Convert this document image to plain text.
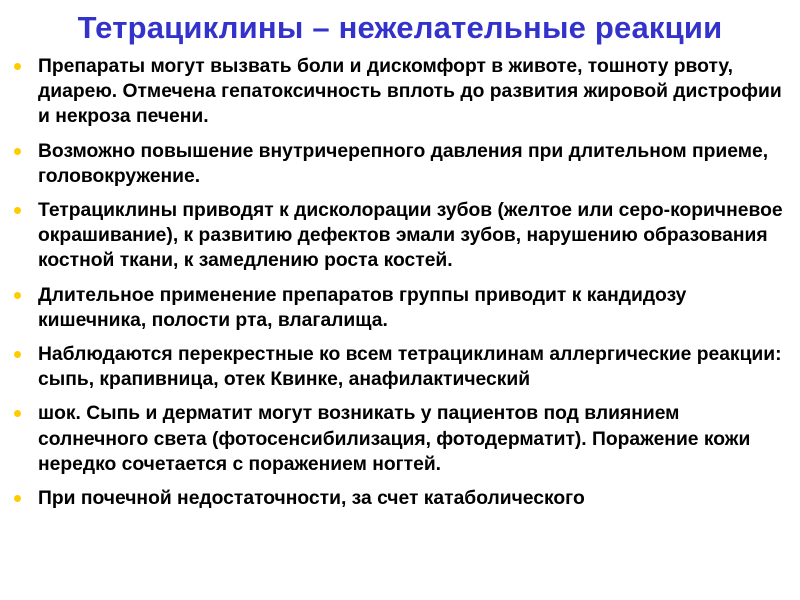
Тетрациклины – нежелательные реакции
Препараты могут вызвать боли и дискомфорт в животе, тошноту рвоту, диарею. Отмечена гепатоксичность вплоть до развития жировой дистрофии и некроза печени.
Возможно повышение внутричерепного давления при длительном приеме, головокружение.
Тетрациклины приводят к дисколорации зубов (желтое или серо-коричневое окрашивание), к развитию дефектов эмали зубов, нарушению образования костной ткани, к замедлению роста костей.
Длительное применение препаратов группы приводит к кандидозу кишечника, полости рта, влагалища.
Наблюдаются перекрестные ко всем тетрациклинам аллергические реакции: сыпь, крапивница, отек Квинке, анафилактический
шок. Сыпь и дерматит могут возникать у пациентов под влиянием солнечного света (фотосенсибилизация, фотодерматит). Поражение кожи нередко сочетается с поражением ногтей.
При почечной недостаточности, за счет катаболического
